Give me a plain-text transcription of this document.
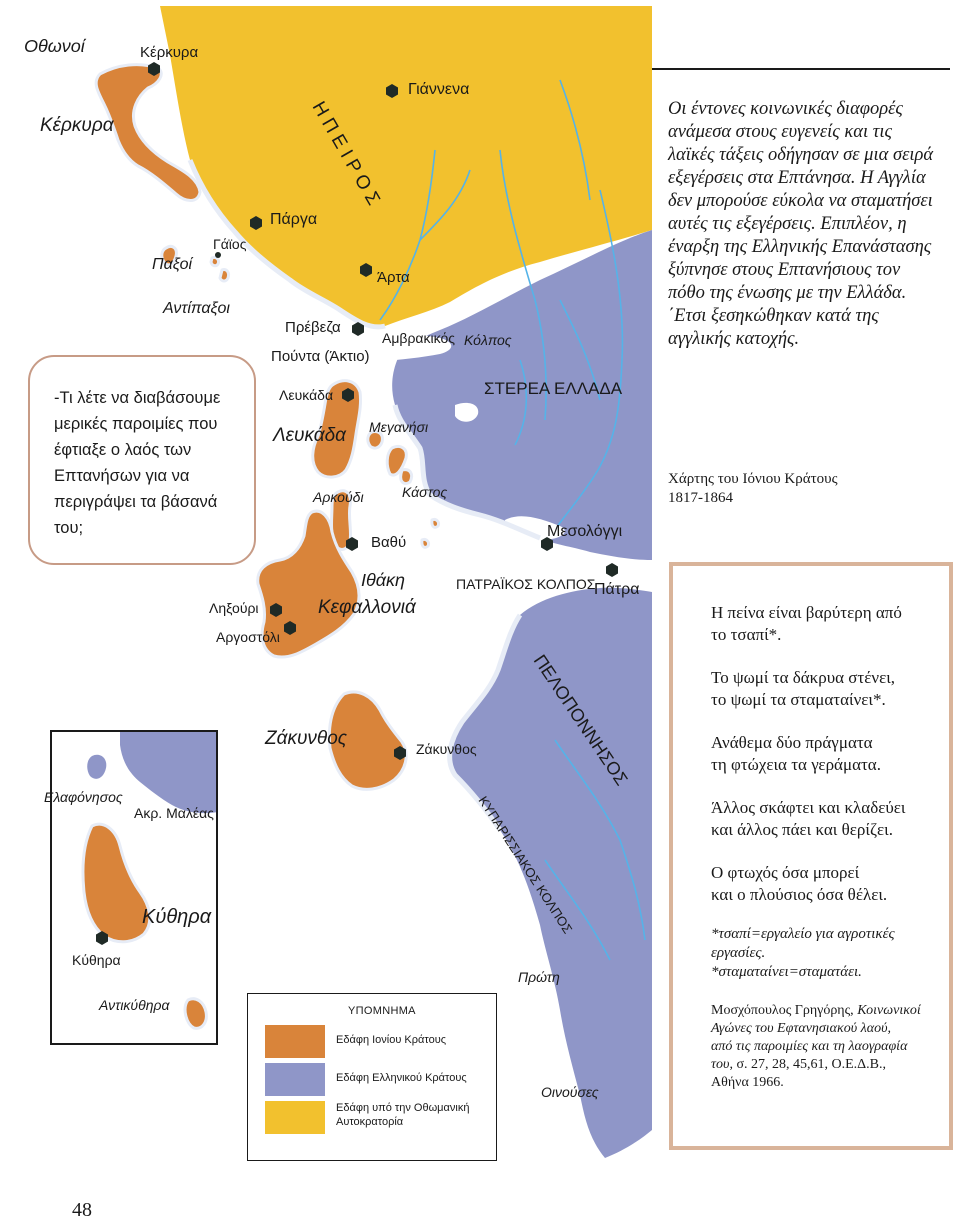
Οθωνοί	Κέρκυρα
Κέρκυρα
Γιάννενα
Η Π Ε Ι Ρ Ο Σ
Πάργα
Γάϊος
Παξοί
Αντίπαξοι
Άρτα
Πρέβεζα
Αμβρακικός Κόλπος
Πούντα (Άκτιο)
ΣΤΕΡΕΑ ΕΛΛΑΔΑ
Λευκάδα
Λευκάδα Μεγανήσι
Κάστος
Αρκούδι
Βαθύ
Μεσολόγγι
Ιθάκη	ΠΑΤΡΑΪΚΟΣ ΚΟΛΠΟΣ
Πάτρα
Ληξούρι	Κεφαλλονιά
Αργοστόλι
ΠΕΛΟΠΟΝΝΗΣΟΣ
Ζάκυνθος	Ζάκυνθος
Ελαφόνησος
Ακρ. Μαλέας	ΚΥΠΑΡΙΣΣΙΑΚΟΣ ΚΟΛΠΟΣ
Κύθηρα
Κύθηρα
Πρώτη
Αντικύθηρα
Οινούσες

Οι έντονες κοινωνικές διαφορές ανάμεσα στους ευγενείς και τις λαϊκές τάξεις οδήγησαν σε μια σειρά εξεγέρσεις στα Επτάνησα. Η Αγγλία δεν μπορούσε εύκολα να σταματήσει αυτές τις εξεγέρσεις. Επιπλέον, η έναρξη της Ελληνικής Επανάστασης ξύπνησε στους Επτανήσιους τον πόθο της ένωσης με την Ελλάδα. ΄Ετσι ξεσηκώθηκαν κατά της αγγλικής κατοχής.

Χάρτης του Ιόνιου Κράτους
1817-1864
-Τι λέτε να διαβάσουμε μερικές παροιμίες που έφτιαξε ο λαός των Επτανήσων για να περιγράψει τα βάσανά του;
Η πείνα είναι βαρύτερη από
το τσαπί*.
Το ψωμί τα δάκρυα στένει,
το ψωμί τα σταματαίνει*.
Ανάθεμα δύο πράγματα
τη φτώχεια τα γεράματα.
Άλλος σκάφτει και κλαδεύει
και άλλος πάει και θερίζει.
Ο φτωχός όσα μπορεί
και ο πλούσιος όσα θέλει.
*τσαπί=εργαλείο για αγροτικές
εργασίες.
*σταματαίνει=σταματάει.
Μοσχόπουλος Γρηγόρης, Κοινωνικοί
Αγώνες του Εφτανησιακού λαού,
από τις παροιμίες και τη λαογραφία
του, σ. 27, 28, 45,61, Ο.Ε.Δ.Β.,
Αθήνα 1966.
ΥΠΟΜΝΗΜΑ
Εδάφη Ιονίου Κράτους
Εδάφη Ελληνικού Κράτους
Εδάφη υπό την Οθωμανική
Αυτοκρατορία
48
